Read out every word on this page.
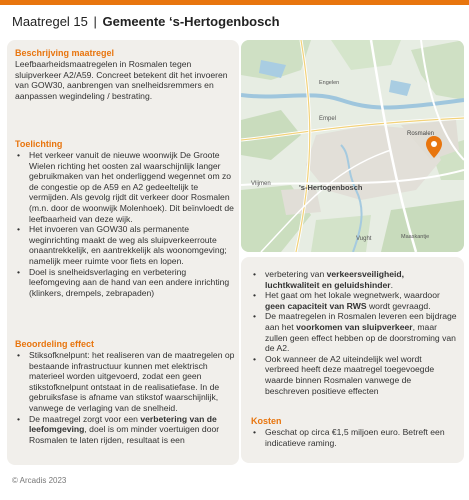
Maatregel 15 | Gemeente ‘s-Hertogenbosch
Beschrijving maatregel
Leefbaarheidsmaatregelen in Rosmalen tegen sluipverkeer A2/A59. Concreet betekent dit het invoeren van GOW30, aanbrengen van snelheidsremmers en aanpassen wegindeling / bestrating.
Toelichting
• Het verkeer vanuit de nieuwe woonwijk De Groote Wielen richting het oosten zal waarschijnlijk langer gebruikmaken van het onderliggend wegennet om zo de congestie op de A59 en A2 gedeeltelijk te vermijden. Als gevolg rijdt dit verkeer door Rosmalen (m.n. door de woonwijk Molenhoek). Dit beïnvloedt de leefbaarheid van deze wijk.
• Het invoeren van GOW30 als permanente weginrichting maakt de weg als sluipverkeerroute onaantrekkelijk, en aantrekkelijk als woonomgeving; namelijk meer ruimte voor fiets en lopen.
• Doel is snelheidsverlaging en verbetering leefomgeving aan de hand van een andere inrichting (klinkers, drempels, zebrapaden)
Beoordeling effect
• Stiksofknelpunt: het realiseren van de maatregelen op bestaande infrastructuur kunnen met elektrisch materieel worden uitgevoerd, zodat een geen stikstofknelpunt ontstaat in de realisatiefase. In de gebruiksfase is afname van stikstof waarschijnlijk, vanwege de verlaging van de snelheid.
• De maatregel zorgt voor een verbetering van de leefomgeving, doel is om minder voertuigen door Rosmalen te laten rijden, resultaat is een
Empel
Vlijmen	's-Hertogenbosch
Rosmalen
Vught	Maaskantje
Engelen
• verbetering van verkeersveiligheid, luchtkwaliteit en geluidshinder.
• Het gaat om het lokale wegnetwerk, waardoor geen capaciteit van RWS wordt gevraagd.
• De maatregelen in Rosmalen leveren een bijdrage aan het voorkomen van sluipverkeer, maar zullen geen effect hebben op de doorstroming van de A2.
• Ook wanneer de A2 uiteindelijk wel wordt verbreed heeft deze maatregel toegevoegde waarde binnen Rosmalen vanwege de beschreven positieve effecten
Kosten
• Geschat op circa €1,5 miljoen euro. Betreft een indicatieve raming.
© Arcadis 2023
